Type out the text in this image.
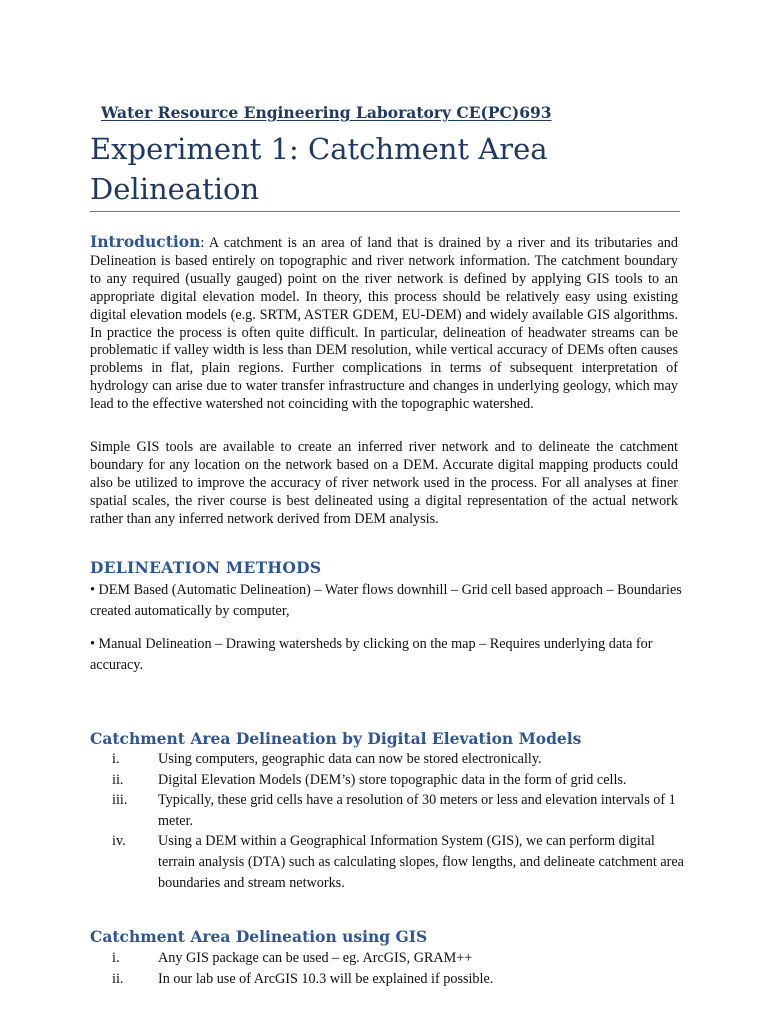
Water Resource Engineering Laboratory CE(PC)693

Experiment 1: Catchment Area Delineation

Introduction: A catchment is an area of land that is drained by a river and its tributaries and Delineation is based entirely on topographic and river network information. The catchment boundary to any required (usually gauged) point on the river network is defined by applying GIS tools to an appropriate digital elevation model. In theory, this process should be relatively easy using existing digital elevation models (e.g. SRTM, ASTER GDEM, EU-DEM) and widely available GIS algorithms. In practice the process is often quite difficult. In particular, delineation of headwater streams can be problematic if valley width is less than DEM resolution, while vertical accuracy of DEMs often causes problems in flat, plain regions. Further complications in terms of subsequent interpretation of hydrology can arise due to water transfer infrastructure and changes in underlying geology, which may lead to the effective watershed not coinciding with the topographic watershed.

Simple GIS tools are available to create an inferred river network and to delineate the catchment boundary for any location on the network based on a DEM. Accurate digital mapping products could also be utilized to improve the accuracy of river network used in the process. For all analyses at finer spatial scales, the river course is best delineated using a digital representation of the actual network rather than any inferred network derived from DEM analysis.

DELINEATION METHODS

• DEM Based (Automatic Delineation) – Water flows downhill – Grid cell based approach – Boundaries created automatically by computer,

• Manual Delineation – Drawing watersheds by clicking on the map – Requires underlying data for accuracy.

Catchment Area Delineation by Digital Elevation Models
i.	Using computers, geographic data can now be stored electronically.
ii. Digital Elevation Models (DEM’s) store topographic data in the form of grid cells.
iii. Typically, these grid cells have a resolution of 30 meters or less and elevation intervals of 1 meter.
iv. Using a DEM within a Geographical Information System (GIS), we can perform digital terrain analysis (DTA) such as calculating slopes, flow lengths, and delineate catchment area boundaries and stream networks.
Catchment Area Delineation using GIS
i.	Any GIS package can be used – eg. ArcGIS, GRAM++
ii. In our lab use of ArcGIS 10.3 will be explained if possible.
